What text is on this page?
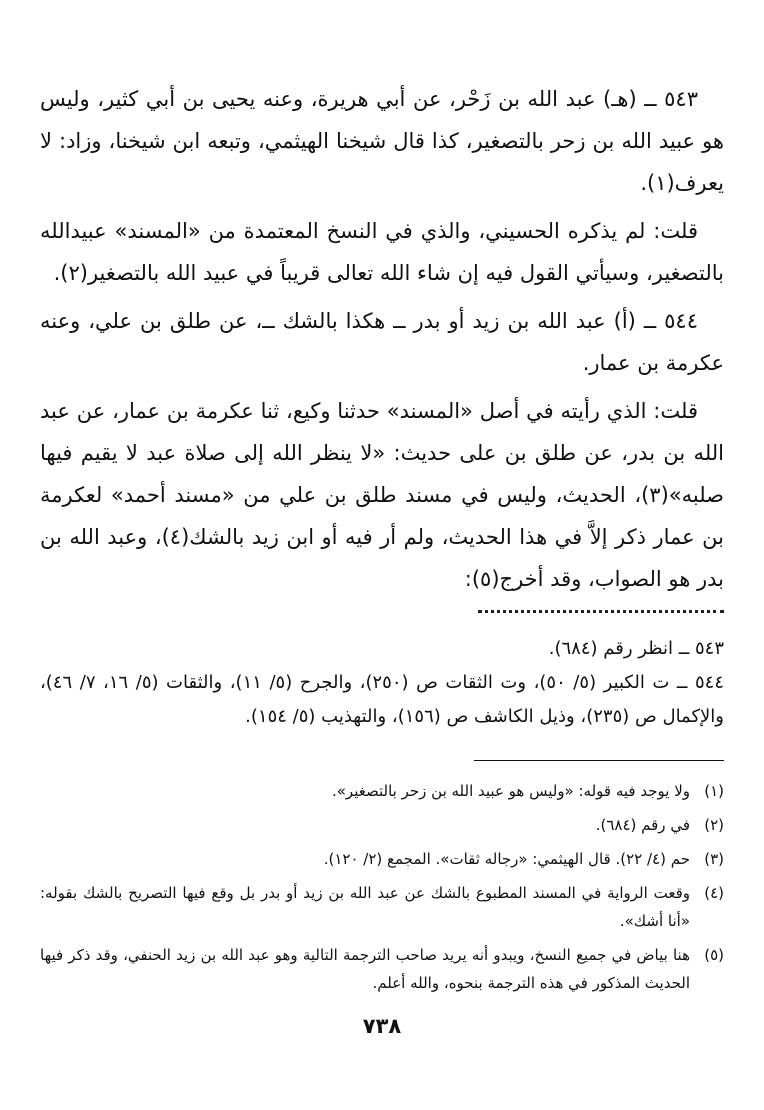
٥٤٣ ــ (هـ) عبد الله بن زَحْر، عن أبي هريرة، وعنه يحيى بن أبي كثير، وليس هو عبيد الله بن زحر بالتصغير، كذا قال شيخنا الهيثمي، وتبعه ابن شيخنا، وزاد: لا يعرف(١).

قلت: لم يذكره الحسيني، والذي في النسخ المعتمدة من «المسند» عبيدالله بالتصغير، وسيأتي القول فيه إن شاء الله تعالى قريباً في عبيد الله بالتصغير(٢).

٥٤٤ ــ (أ) عبد الله بن زيد أو بدر ــ هكذا بالشك ــ، عن طلق بن علي، وعنه عكرمة بن عمار.

قلت: الذي رأيته في أصل «المسند» حدثنا وكيع، ثنا عكرمة بن عمار، عن عبد الله بن بدر، عن طلق بن على حديث: «لا ينظر الله إلى صلاة عبد لا يقيم فيها صلبه»(٣)، الحديث، وليس في مسند طلق بن علي من «مسند أحمد» لعكرمة بن عمار ذكر إلاَّ في هذا الحديث، ولم أر فيه أو ابن زيد بالشك(٤)، وعبد الله بن بدر هو الصواب، وقد أخرج(٥):

٥٤٣ ــ انظر رقم (٦٨٤).

٥٤٤ ــ ت الكبير (٥/ ٥٠)، وت الثقات ص (٢٥٠)، والجرح (٥/ ١١)، والثقات (٥/ ١٦، ٧/ ٤٦)، والإكمال ص (٢٣٥)، وذيل الكاشف ص (١٥٦)، والتهذيب (٥/ ١٥٤).

(١)
ولا يوجد فيه قوله: «وليس هو عبيد الله بن زحر بالتصغير».
(٢)
في رقم (٦٨٤).
(٣)
حم (٤/ ٢٢). قال الهيثمي: «رجاله ثقات». المجمع (٢/ ١٢٠).
(٤)
وقعت الرواية في المسند المطبوع بالشك عن عبد الله بن زيد أو بدر بل وقع فيها التصريح بالشك بقوله: «أنا أشك».
(٥)
هنا بياض في جميع النسخ، ويبدو أنه يريد صاحب الترجمة التالية وهو عبد الله بن زيد الحنفي، وقد ذكر فيها الحديث المذكور في هذه الترجمة بنحوه، والله أعلم.
٧٣٨
